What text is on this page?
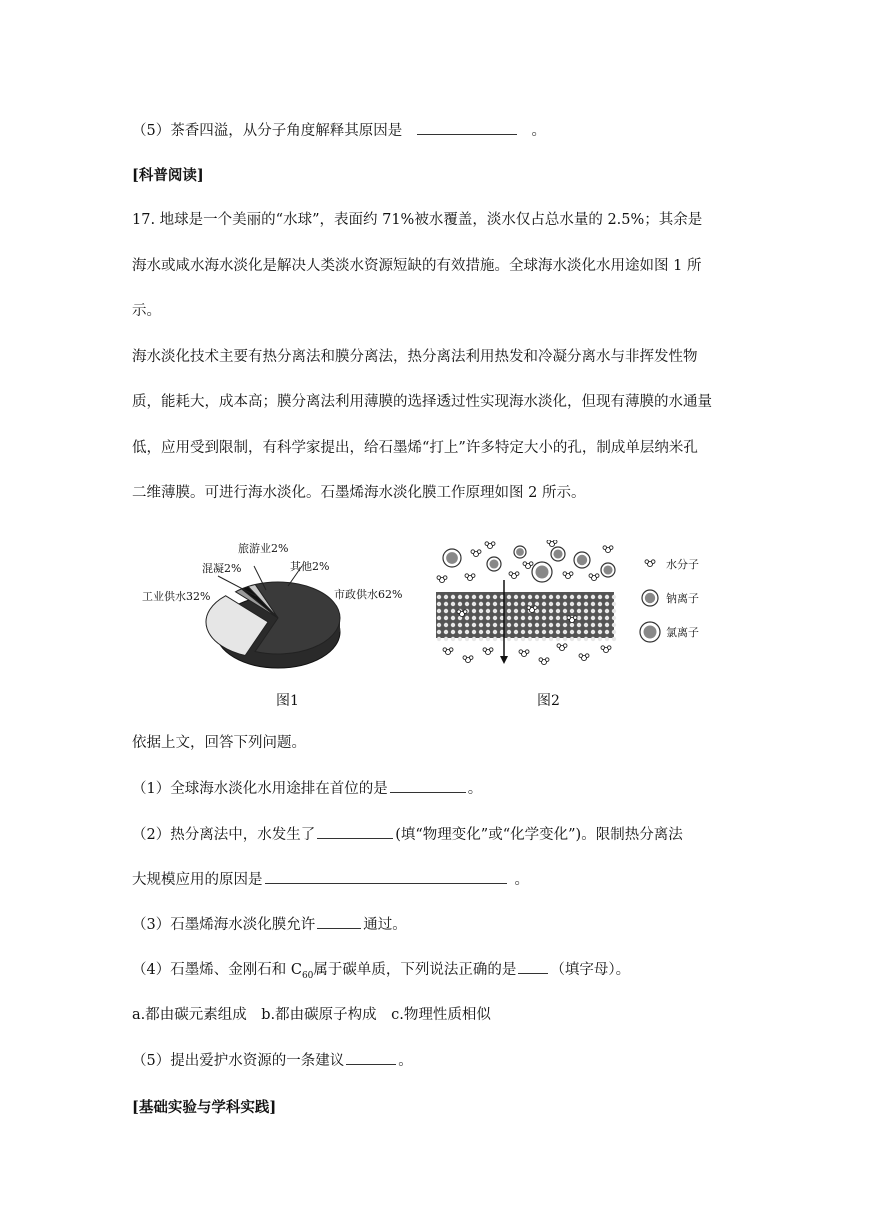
（5）茶香四溢，从分子角度解释其原因是	。
[科普阅读]
17. 地球是一个美丽的“水球”，表面约 71%被水覆盖，淡水仅占总水量的 2.5%；其余是
海水或咸水海水淡化是解决人类淡水资源短缺的有效措施。全球海水淡化水用途如图 1 所
示。
海水淡化技术主要有热分离法和膜分离法，热分离法利用热发和冷凝分离水与非挥发性物
质，能耗大，成本高；膜分离法利用薄膜的选择透过性实现海水淡化，但现有薄膜的水通量
低，应用受到限制，有科学家提出，给石墨烯“打上”许多特定大小的孔，制成单层纳米孔
二维薄膜。可进行海水淡化。石墨烯海水淡化膜工作原理如图 2 所示。
市政供水62%
工业供水32%
混凝2%
旅游业2%
其他2%
图1
水分子
钠离子
氯离子
图2
依据上文，回答下列问题。
（1）全球海水淡化水用途排在首位的是	。
（2）热分离法中，水发生了	(填“物理变化”或“化学变化”)。限制热分离法
大规模应用的原因是	。
（3）石墨烯海水淡化膜允许	通过。
（4）石墨烯、金刚石和 $C_{60}$属于碳单质，下列说法正确的是 （填字母）。
a.都由碳元素组成　b.都由碳原子构成　c.物理性质相似
（5）提出爱护水资源的一条建议	。
[基础实验与学科实践]
